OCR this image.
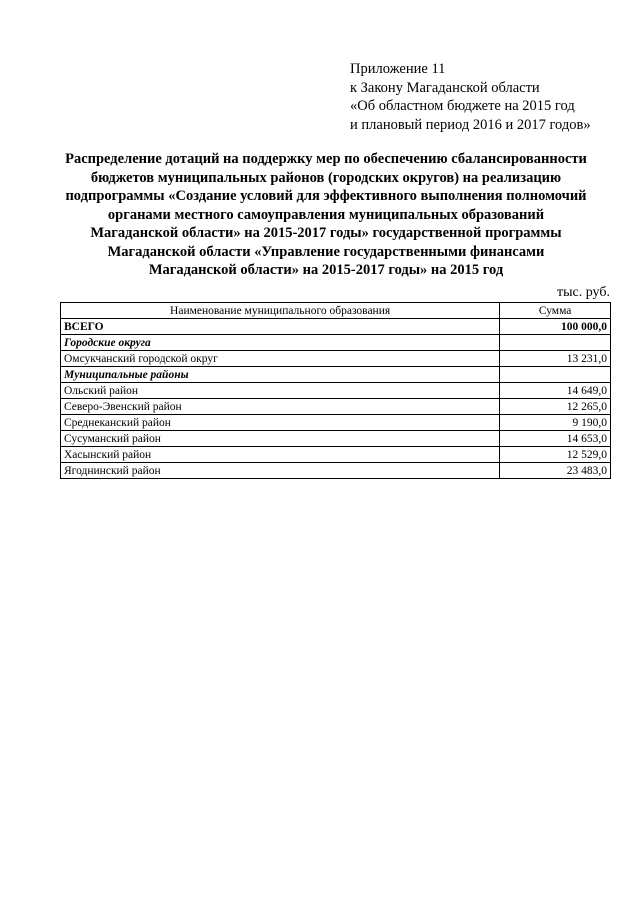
Приложение 11
к Закону Магаданской области
«Об областном бюджете на 2015 год
и плановый период 2016 и 2017 годов»
Распределение дотаций на поддержку мер по обеспечению сбалансированности
бюджетов муниципальных районов (городских округов) на реализацию
подпрограммы «Создание условий для эффективного выполнения полномочий
органами местного самоуправления муниципальных образований
Магаданской области» на 2015-2017 годы» государственной программы
Магаданской области «Управление государственными финансами
Магаданской области» на 2015-2017 годы» на 2015 год
тыс. руб.
Наименование муниципального образования	Сумма
ВСЕГО	100 000,0
Городские округа	
Омсукчанский городской округ	13 231,0
Муниципальные районы	
Ольский район	14 649,0
Северо-Эвенский район	12 265,0
Среднеканский район	9 190,0
Сусуманский район	14 653,0
Хасынский район	12 529,0
Ягоднинский район	23 483,0
